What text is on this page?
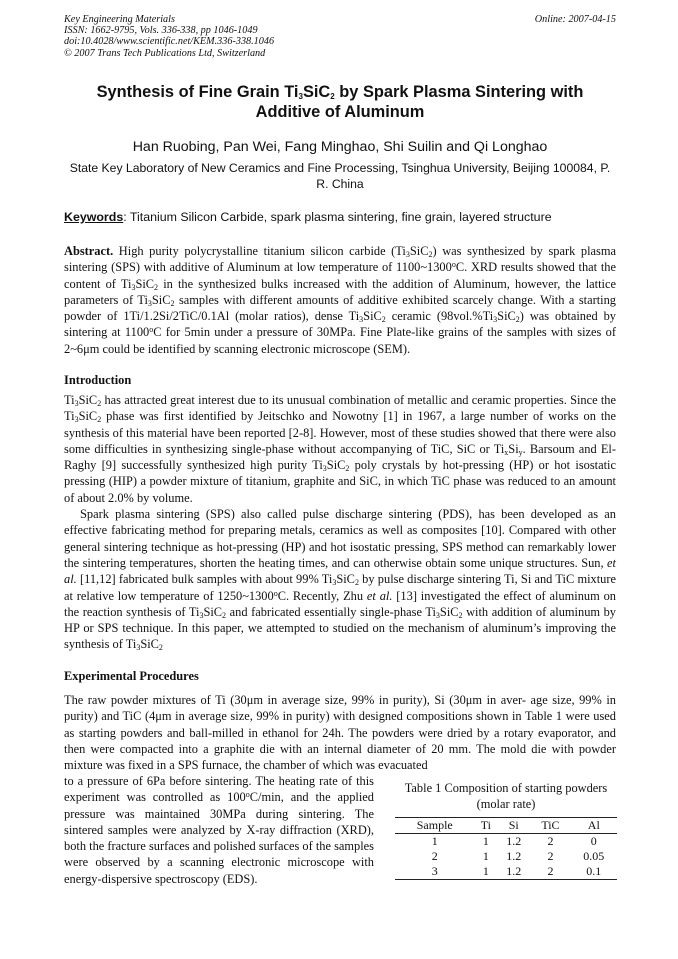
Key Engineering Materials
ISSN: 1662-9795, Vols. 336-338, pp 1046-1049
doi:10.4028/www.scientific.net/KEM.336-338.1046
© 2007 Trans Tech Publications Ltd, Switzerland
Online: 2007-04-15
Synthesis of Fine Grain $Ti_3SiC_2$ by Spark Plasma Sintering with Additive of Aluminum
Han Ruobing, Pan Wei, Fang Minghao, Shi Suilin and Qi Longhao
State Key Laboratory of New Ceramics and Fine Processing, Tsinghua University, Beijing 100084, P. R. China
Keywords: Titanium Silicon Carbide, spark plasma sintering, fine grain, layered structure
Abstract. High purity polycrystalline titanium silicon carbide $(Ti_3SiC_2)$ was synthesized by spark plasma sintering (SPS) with additive of Aluminum at low temperature of 1100~1300$^o$C. XRD results showed that the content of $Ti_3SiC_2$ in the synthesized bulks increased with the addition of Aluminum, however, the lattice parameters of $Ti_3SiC_2$ samples with different amounts of additive exhibited scarcely change. With a starting powder of 1Ti/1.2Si/2TiC/0.1Al (molar ratios), dense $Ti_3SiC_2$ ceramic $(98vol.\%Ti_3SiC_2)$ was obtained by sintering at 1100$^o$C for 5min under a pressure of 30MPa. Fine Plate-like grains of the samples with sizes of 2~6μm could be identified by scanning electronic microscope (SEM).
Introduction

$Ti_3SiC_2$ has attracted great interest due to its unusual combination of metallic and ceramic properties. Since the $Ti_3SiC_2$ phase was first identified by Jeitschko and Nowotny [1] in 1967, a large number of works on the synthesis of this material have been reported [2-8]. However, most of these studies showed that there were also some difficulties in synthesizing single-phase without accompanying of TiC, SiC or $Ti_xSi_y$. Barsoum and El-Raghy [9] successfully synthesized high purity $Ti_3SiC_2$ poly crystals by hot-pressing (HP) or hot isostatic pressing (HIP) a powder mixture of titanium, graphite and SiC, in which TiC phase was reduced to an amount of about 2.0% by volume.

Spark plasma sintering (SPS) also called pulse discharge sintering (PDS), has been developed as an effective fabricating method for preparing metals, ceramics as well as composites [10]. Compared with other general sintering technique as hot-pressing (HP) and hot isostatic pressing, SPS method can remarkably lower the sintering temperatures, shorten the heating times, and can otherwise obtain some unique structures. Sun, et al. [11,12] fabricated bulk samples with about 99% $Ti_3SiC_2$ by pulse discharge sintering Ti, Si and TiC mixture at relative low temperature of 1250~1300$^o$C. Recently, Zhu et al. [13] investigated the effect of aluminum on the reaction synthesis of $Ti_3SiC_2$ and fabricated essentially single-phase $Ti_3SiC_2$ with addition of aluminum by HP or SPS technique. In this paper, we attempted to studied on the mechanism of aluminum’s improving the synthesis of $Ti_3SiC_2$

Experimental Procedures
The raw powder mixtures of Ti (30μm in average size, 99% in purity), Si (30μm in aver- age size, 99% in purity) and TiC (4μm in average size, 99% in purity) with designed compositions shown in Table 1 were used as starting powders and ball-milled in ethanol for 24h. The powders were dried by a rotary evaporator, and then were compacted into a graphite die with an internal diameter of 20 mm. The mold die with powder mixture was fixed in a SPS furnace, the chamber of which was evacuated
to a pressure of 6Pa before sintering. The heating rate of this experiment was controlled as 100$^o$C/min, and the applied pressure was maintained 30MPa during sintering. The sintered samples were analyzed by X-ray diffraction (XRD), both the fracture surfaces and polished surfaces of the samples were observed by a scanning electronic microscope with energy-dispersive spectroscopy (EDS).
Table 1 Composition of starting powders (molar rate)
Sample	Ti	Si	TiC	Al
1	1	1.2	2	0
2	1	1.2	2	0.05
3	1	1.2	2	0.1
